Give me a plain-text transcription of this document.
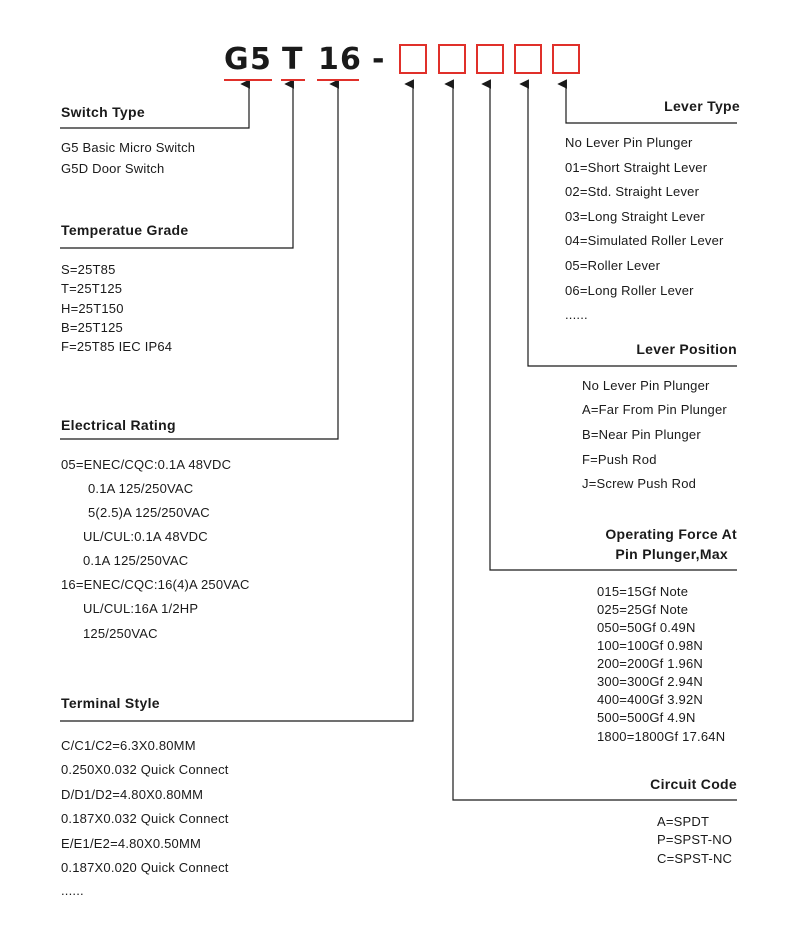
G 5 T 1 6 -
Switch Type
G5 Basic Micro Switch
G5D Door Switch
Temperatue Grade
S=25T85
T=25T125
H=25T150
B=25T125
F=25T85 IEC IP64
Electrical Rating
05=ENEC/CQC:0.1A 48VDC
0.1A 125/250VAC
5(2.5)A 125/250VAC
UL/CUL:0.1A 48VDC
0.1A 125/250VAC
16=ENEC/CQC:16(4)A 250VAC
UL/CUL:16A 1/2HP
125/250VAC
Terminal Style
C/C1/C2=6.3X0.80MM
0.250X0.032 Quick Connect
D/D1/D2=4.80X0.80MM
0.187X0.032 Quick Connect
E/E1/E2=4.80X0.50MM
0.187X0.020 Quick Connect
......
Lever Type
No Lever Pin Plunger
01=Short Straight Lever
02=Std. Straight Lever
03=Long Straight Lever
04=Simulated Roller Lever
05=Roller Lever
06=Long Roller Lever
......
Lever Position
No Lever Pin Plunger
A=Far From Pin Plunger
B=Near Pin Plunger
F=Push Rod
J=Screw Push Rod
Operating Force At
Pin Plunger,Max
015=15Gf Note
025=25Gf Note
050=50Gf 0.49N
100=100Gf 0.98N
200=200Gf 1.96N
300=300Gf 2.94N
400=400Gf 3.92N
500=500Gf 4.9N
1800=1800Gf 17.64N
Circuit Code
A=SPDT
P=SPST-NO
C=SPST-NC
